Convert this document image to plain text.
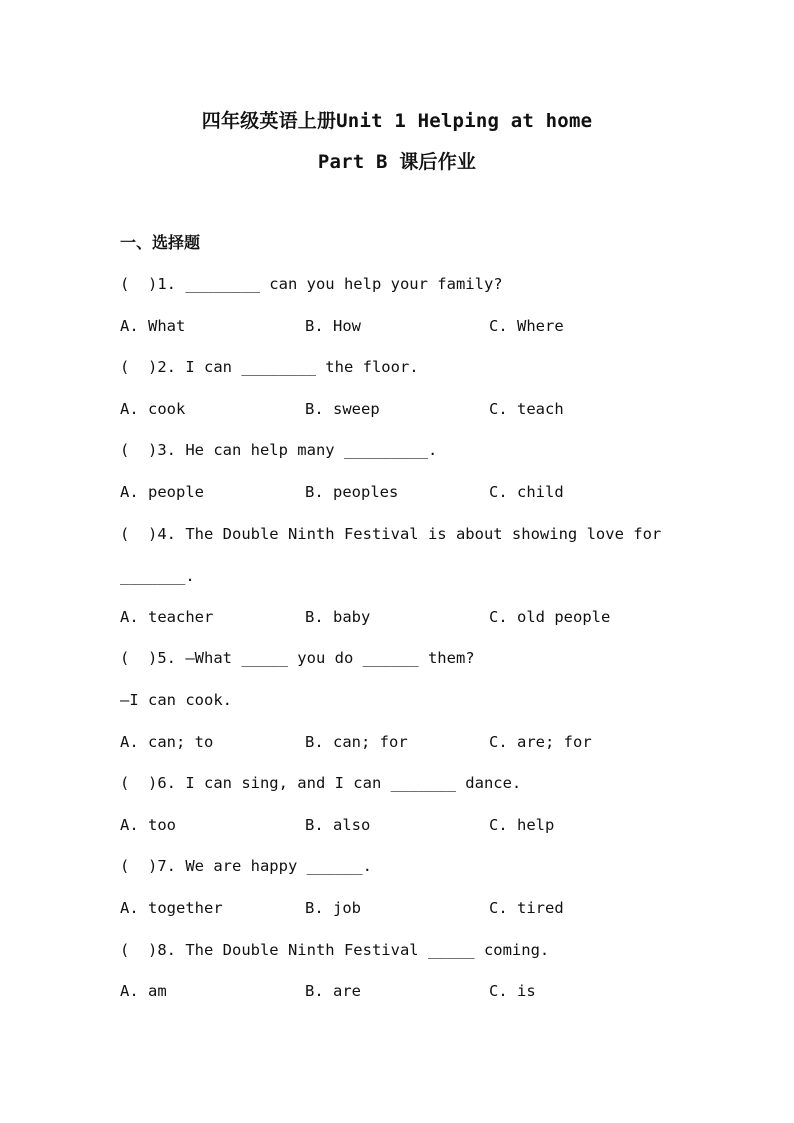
四年级英语上册Unit 1 Helping at home
Part B 课后作业
一、选择题
(  )1. ________ can you help your family?
A. What	B. How	C. Where
(  )2. I can ________ the floor.
A. cook	B. sweep	C. teach
(  )3. He can help many _________.
A. people	B. peoples	C. child
(  )4. The Double Ninth Festival is about showing love for
_______.
A. teacher	B. baby	C. old people
(  )5. —What _____ you do ______ them?
—I can cook.
A. can; to	B. can; for	C. are; for
(  )6. I can sing, and I can _______ dance.
A. too	B. also	C. help
(  )7. We are happy ______.
A. together	B. job	C. tired
(  )8. The Double Ninth Festival _____ coming.
A. am	B. are	C. is
